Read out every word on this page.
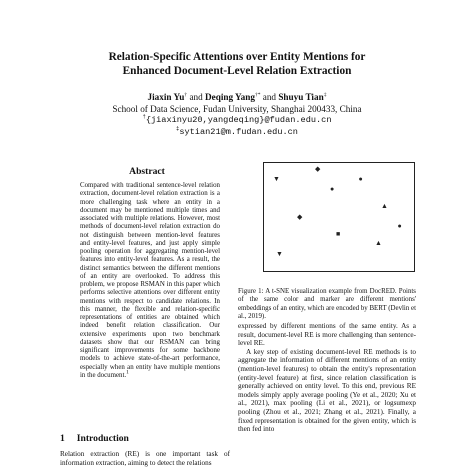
Relation-Specific Attentions over Entity Mentions for
Enhanced Document-Level Relation Extraction
Jiaxin Yu† and Deqing Yang†* and Shuyu Tian‡
School of Data Science, Fudan University, Shanghai 200433, China
†{jiaxinyu20,yangdeqing}@fudan.edu.cn
‡sytian21@m.fudan.edu.cn
Abstract
Compared with traditional sentence-level relation extraction, document-level relation extraction is a more challenging task where an entity in a document may be mentioned multiple times and associated with multiple relations. However, most methods of document-level relation extraction do not distinguish between mention-level features and entity-level features, and just apply simple pooling operation for aggregating mention-level features into entity-level features. As a result, the distinct semantics between the different mentions of an entity are overlooked. To address this problem, we propose RSMAN in this paper which performs selective attentions over different entity mentions with respect to candidate relations. In this manner, the flexible and relation-specific representations of entities are obtained which indeed benefit relation classification. Our extensive experiments upon two benchmark datasets show that our RSMAN can bring significant improvements for some backbone models to achieve state-of-the-art performance, especially when an entity have multiple mentions in the document.$^1$
1 Introduction
Relation extraction (RE) is one important task of information extraction, aiming to detect the relations
◆
▼	●
●
▲
◆
●
■
▲
▼
Figure 1: A t-SNE visualization example from DocRED. Points of the same color and marker are different mentions' embeddings of an entity, which are encoded by BERT (Devlin et al., 2019).

expressed by different mentions of the same entity. As a result, document-level RE is more challenging than sentence-level RE.

A key step of existing document-level RE methods is to aggregate the information of different mentions of an entity (mention-level features) to obtain the entity's representation (entity-level feature) at first, since relation classification is generally achieved on entity level. To this end, previous RE models simply apply average pooling (Ye et al., 2020; Xu et al., 2021), max pooling (Li et al., 2021), or logsumexp pooling (Zhou et al., 2021; Zhang et al., 2021). Finally, a fixed representation is obtained for the given entity, which is then fed into
